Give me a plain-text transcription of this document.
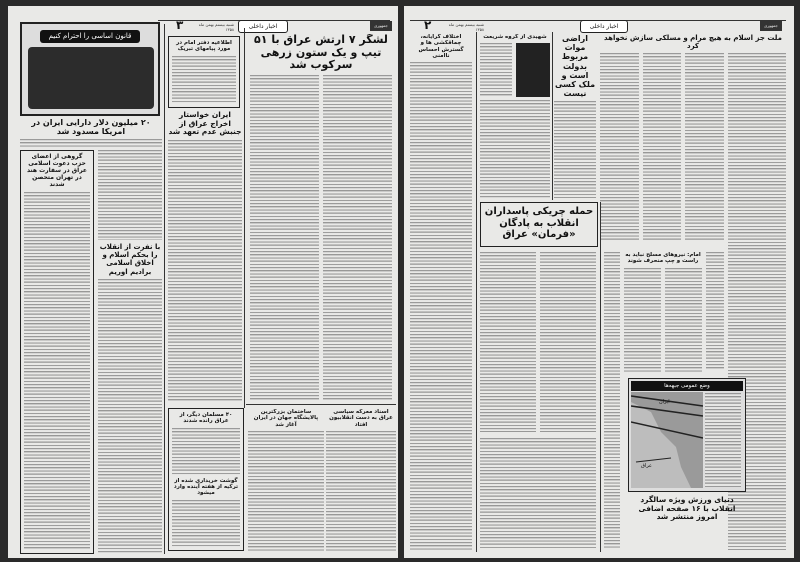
۳	شنبه بیستم بهمن ماه ۱۳۵۸	اخبار داخلی	جمهوری
قانون اساسی را احترام کنیم
۲۰ میلیون دلار دارایی ایران در امریکا مسدود شد
گروهی از اعضای حزب دعوت اسلامی عراق در سفارت هند در تهران متحصن شدند
با نفرت از انقلاب را بحکم اسلام و اخلاق اسلامی برادیم اوریم
اطلاعیه دفتر امام در مورد پیامهای تبریک
ایران خواستار اخراج عراق از جنبش عدم تعهد شد
لشگر ۷ ارتش عراق با ۵۱ تیپ و یک ستون زرهی سرکوب شد
۴۰ مسلمان دیگر، از عراق رانده شدند
گوشت خریداری شده از ترکیه از هفته آینده وارد میشود
ساختمان بزرگترین پالایشگاه جهان در ایران آغاز شد
اسناد معرکه سیاسی عراق به دست انقلابیون افتاد
۲	شنبه بیستم بهمن ماه ۱۳۵۸	اخبار داخلی	جمهوری
اختلاف گرایانه، چماقکشی ها و گسترش احساس ناامنی
شهیدی از گروه شریعت	اراضی موات مربوط بدولت است و ملک کسی نیست
ملت جز اسلام به هیچ مرام و مسلکی سازش نخواهد کرد
حمله چریکی پاسداران انقلاب به پادگان «فرمان» عراق
امام: نیروهای مسلح نباید به راست و چپ منحرف شوند
وضع عمومی جبهه‌ها
ایران
عراق
دنیای ورزش ویژه سالگرد انقلاب با ۱۶ صفحه اضافی امروز منتشر شد
